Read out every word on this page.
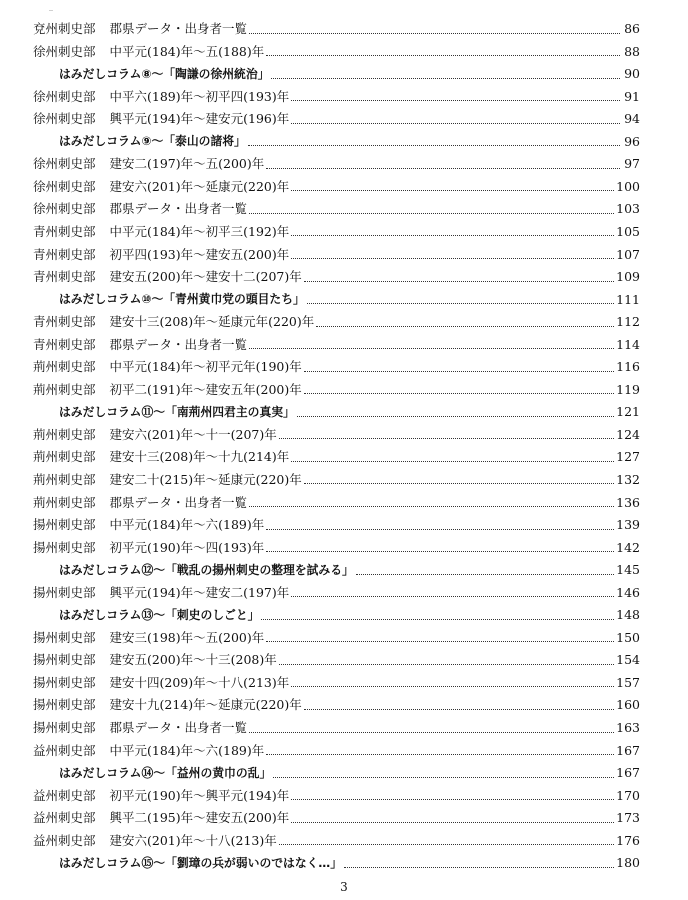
‥
兗州刺史部 郡県データ・出身者一覧	86
徐州刺史部 中平元(184)年～五(188)年	88
はみだしコラム⑧～「陶謙の徐州統治」	90
徐州刺史部 中平六(189)年～初平四(193)年	91
徐州刺史部 興平元(194)年～建安元(196)年	94
はみだしコラム⑨～「泰山の諸将」	96
徐州刺史部 建安二(197)年～五(200)年	97
徐州刺史部 建安六(201)年～延康元(220)年	100
徐州刺史部 郡県データ・出身者一覧	103
青州刺史部 中平元(184)年～初平三(192)年	105
青州刺史部 初平四(193)年～建安五(200)年	107
青州刺史部 建安五(200)年～建安十二(207)年	109
はみだしコラム⑩～「青州黄巾党の頭目たち」	111
青州刺史部 建安十三(208)年～延康元年(220)年	112
青州刺史部 郡県データ・出身者一覧	114
荊州刺史部 中平元(184)年～初平元年(190)年	116
荊州刺史部 初平二(191)年～建安五年(200)年	119
はみだしコラム⑪～「南荊州四君主の真実」	121
荊州刺史部 建安六(201)年～十一(207)年	124
荊州刺史部 建安十三(208)年～十九(214)年	127
荊州刺史部 建安二十(215)年～延康元(220)年	132
荊州刺史部 郡県データ・出身者一覧	136
揚州刺史部 中平元(184)年～六(189)年	139
揚州刺史部 初平元(190)年～四(193)年	142
はみだしコラム⑫～「戦乱の揚州刺史の整理を試みる」	145
揚州刺史部 興平元(194)年～建安二(197)年	146
はみだしコラム⑬～「刺史のしごと」	148
揚州刺史部 建安三(198)年～五(200)年	150
揚州刺史部 建安五(200)年～十三(208)年	154
揚州刺史部 建安十四(209)年～十八(213)年	157
揚州刺史部 建安十九(214)年～延康元(220)年	160
揚州刺史部 郡県データ・出身者一覧	163
益州刺史部 中平元(184)年～六(189)年	167
はみだしコラム⑭～「益州の黄巾の乱」	167
益州刺史部 初平元(190)年～興平元(194)年	170
益州刺史部 興平二(195)年～建安五(200)年	173
益州刺史部 建安六(201)年～十八(213)年	176
はみだしコラム⑮～「劉璋の兵が弱いのではなく…」	180
3
